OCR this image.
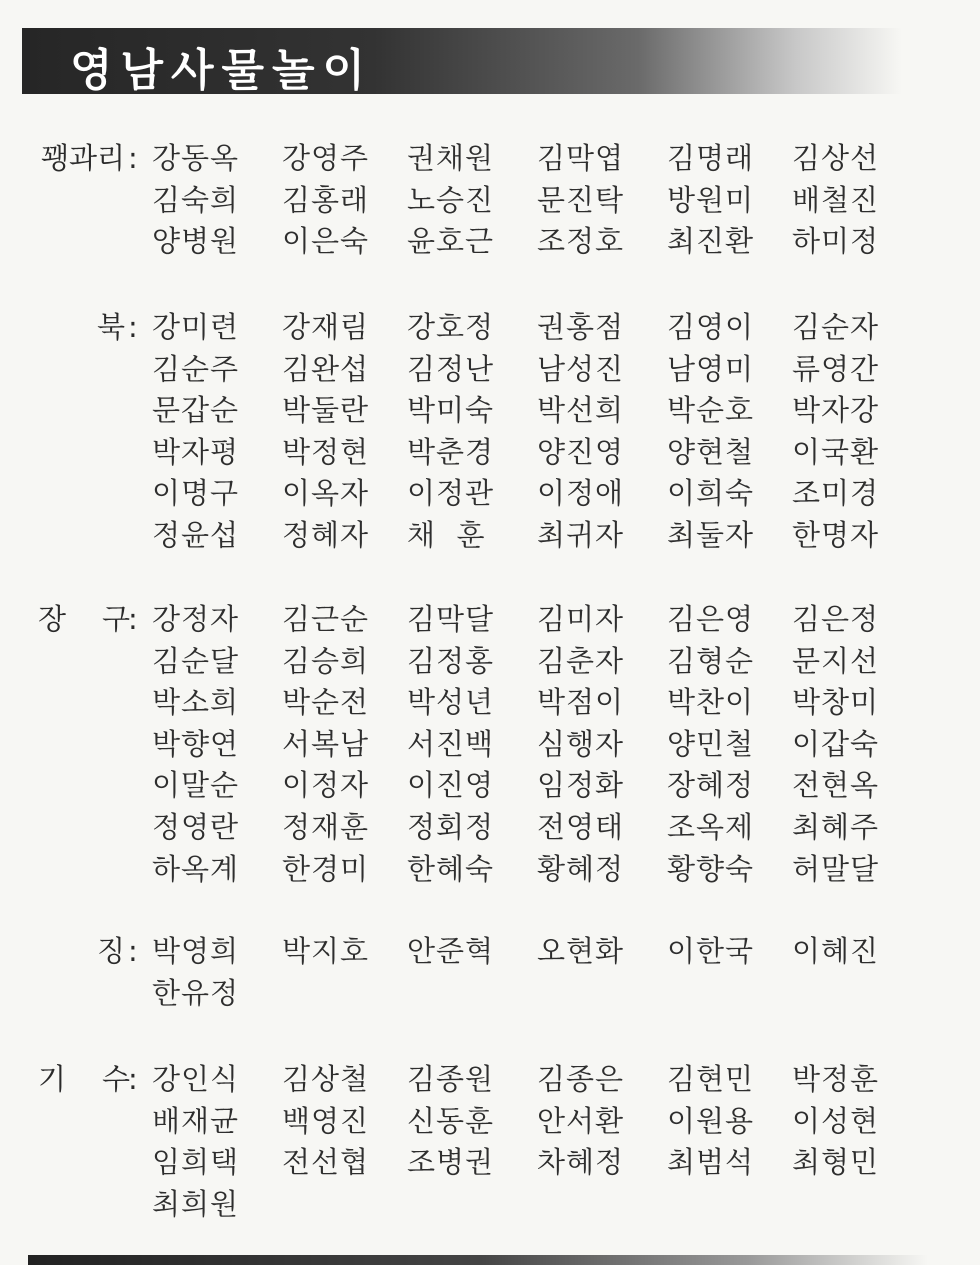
영남사물놀이
꽹과리 : 강동옥 강영주 권채원 김막엽 김명래 김상선
김숙희 김홍래 노승진 문진탁 방원미 배철진
양병원 이은숙 윤호근 조정호 최진환 하미정
북 : 강미련 강재림 강호정 권홍점 김영이 김순자
김순주 김완섭 김정난 남성진 남영미 류영간
문갑순 박둘란 박미숙 박선희 박순호 박자강
박자평 박정현 박춘경 양진영 양현철 이국환
이명구 이옥자 이정관 이정애 이희숙 조미경
정윤섭 정혜자 채  훈 최귀자 최둘자 한명자
장 구
: 강정자 김근순 김막달 김미자 김은영 김은정
김순달 김승희 김정홍 김춘자 김형순 문지선
박소희 박순전 박성년 박점이 박찬이 박창미
박향연 서복남 서진백 심행자 양민철 이갑숙
이말순 이정자 이진영 임정화 장혜정 전현옥
정영란 정재훈 정회정 전영태 조옥제 최혜주
하옥계 한경미 한혜숙 황혜정 황향숙 허말달
징 : 박영희 박지호 안준혁 오현화 이한국 이혜진
한유정
기 수
: 강인식 김상철 김종원 김종은 김현민 박정훈
배재균 백영진 신동훈 안서환 이원용 이성현
임희택 전선협 조병권 차혜정 최범석 최형민
최희원
